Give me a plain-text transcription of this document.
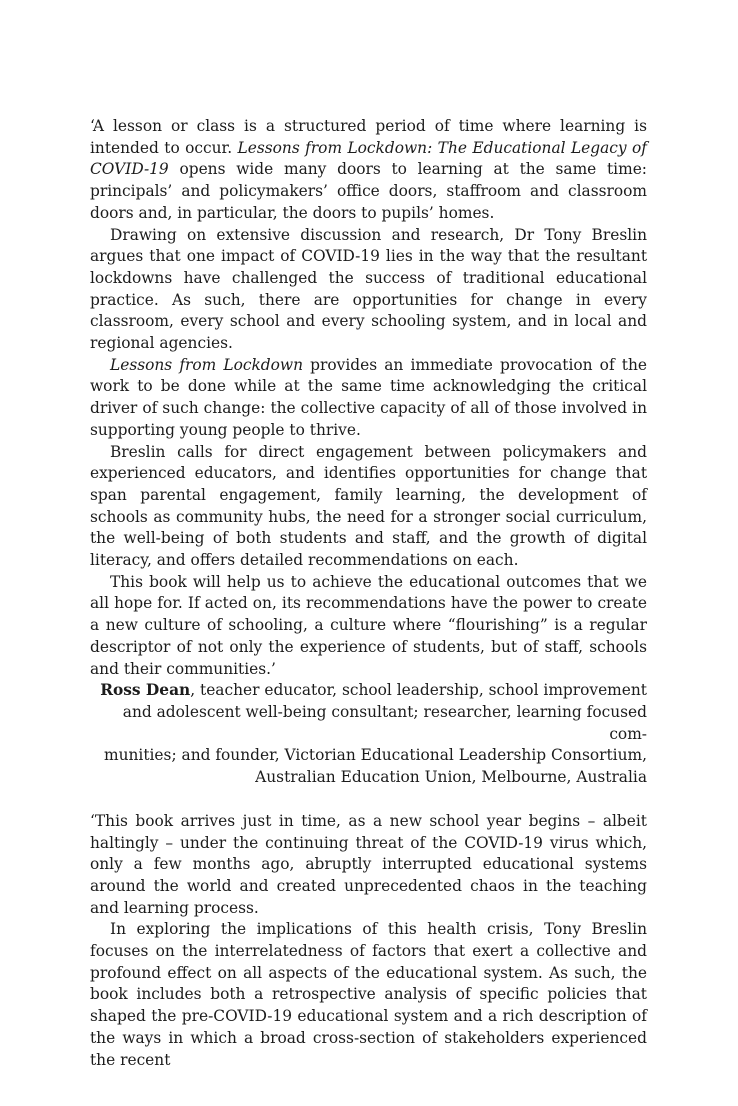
‘A lesson or class is a structured period of time where learning is intended to occur. Lessons from Lockdown: The Educational Legacy of COVID-19 opens wide many doors to learning at the same time: principals’ and policymakers’ office doors, staffroom and classroom doors and, in particular, the doors to pupils’ homes.

Drawing on extensive discussion and research, Dr Tony Breslin argues that one impact of COVID-19 lies in the way that the resultant lockdowns have challenged the success of traditional educational practice. As such, there are opportunities for change in every classroom, every school and every schooling system, and in local and regional agencies.

Lessons from Lockdown provides an immediate provocation of the work to be done while at the same time acknowledging the critical driver of such change: the collective capacity of all of those involved in supporting young people to thrive.

Breslin calls for direct engagement between policymakers and experienced educators, and identifies opportunities for change that span parental engagement, family learning, the development of schools as community hubs, the need for a stronger social curriculum, the well-being of both students and staff, and the growth of digital literacy, and offers detailed recommendations on each.

This book will help us to achieve the educational outcomes that we all hope for. If acted on, its recommendations have the power to create a new culture of schooling, a culture where “flourishing” is a regular descriptor of not only the experience of students, but of staff, schools and their communities.’

Ross Dean, teacher educator, school leadership, school improvement
and adolescent well-being consultant; researcher, learning focused com-
munities; and founder, Victorian Educational Leadership Consortium,
Australian Education Union, Melbourne, Australia

‘This book arrives just in time, as a new school year begins – albeit haltingly – under the continuing threat of the COVID-19 virus which, only a few months ago, abruptly interrupted educational systems around the world and created unprecedented chaos in the teaching and learning process.

In exploring the implications of this health crisis, Tony Breslin focuses on the interrelatedness of factors that exert a collective and profound effect on all aspects of the educational system. As such, the book includes both a retrospective analysis of specific policies that shaped the pre-COVID-19 educational system and a rich description of the ways in which a broad cross-section of stakeholders experienced the recent
